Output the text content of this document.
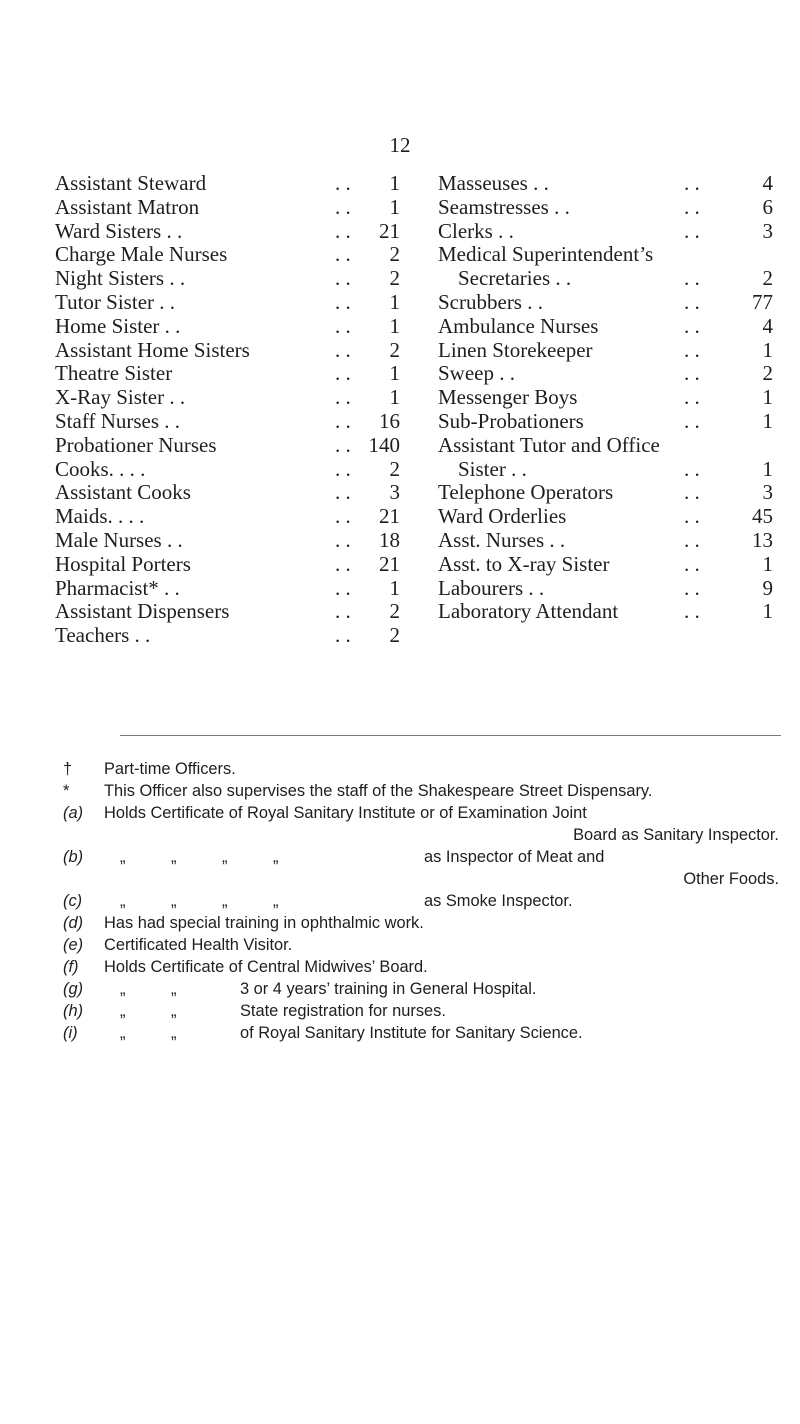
12
Assistant Steward	. .	1
Assistant Matron	. .	1
Ward Sisters . .	. .	21
Charge Male Nurses	. .	2
Night Sisters . .	. .	2
Tutor Sister . .	. .	1
Home Sister . .	. .	1
Assistant Home Sisters	. .	2
Theatre Sister	. .	1
X-Ray Sister . .	. .	1
Staff Nurses . .	. .	16
Probationer Nurses	. . 140
Cooks. . . .	. .	2
Assistant Cooks	. .	3
Maids. . . .	. .	21
Male Nurses . .	. .	18
Hospital Porters	. .	21
Pharmacist* . .	. .	1
Assistant Dispensers	. .	2
Teachers . .	. .	2
Masseuses . .	. .	4
Seamstresses . .	. .	6
Clerks . .	. .	3
Medical Superintendent’s
Secretaries . .	. .	2
Scrubbers . .	. .	77
Ambulance Nurses	. .	4
Linen Storekeeper	. .	1
Sweep . .	. .	2
Messenger Boys	. .	1
Sub-Probationers	. .	1
Assistant Tutor and Office
Sister . .	. .	1
Telephone Operators	. .	3
Ward Orderlies	. .	45
Asst. Nurses . .	. .	13
Asst. to X-ray Sister	. .	1
Labourers . .	. .	9
Laboratory Attendant	. .	1
† Part-time Officers.
* This Officer also supervises the staff of the Shakespeare Street Dispensary.
(a) Holds Certificate of Royal Sanitary Institute or of Examination Joint
Board as Sanitary Inspector.
(b) „          „          „          „	as Inspector of Meat and
Other Foods.
(c) „          „          „          „	as Smoke Inspector.
(d) Has had special training in ophthalmic work.
(e) Certificated Health Visitor.
(f) Holds Certificate of Central Midwives’ Board.
(g) „          „	3 or 4 years’ training in General Hospital.
(h) „          „	State registration for nurses.
(i)	„          „	of Royal Sanitary Institute for Sanitary Science.
